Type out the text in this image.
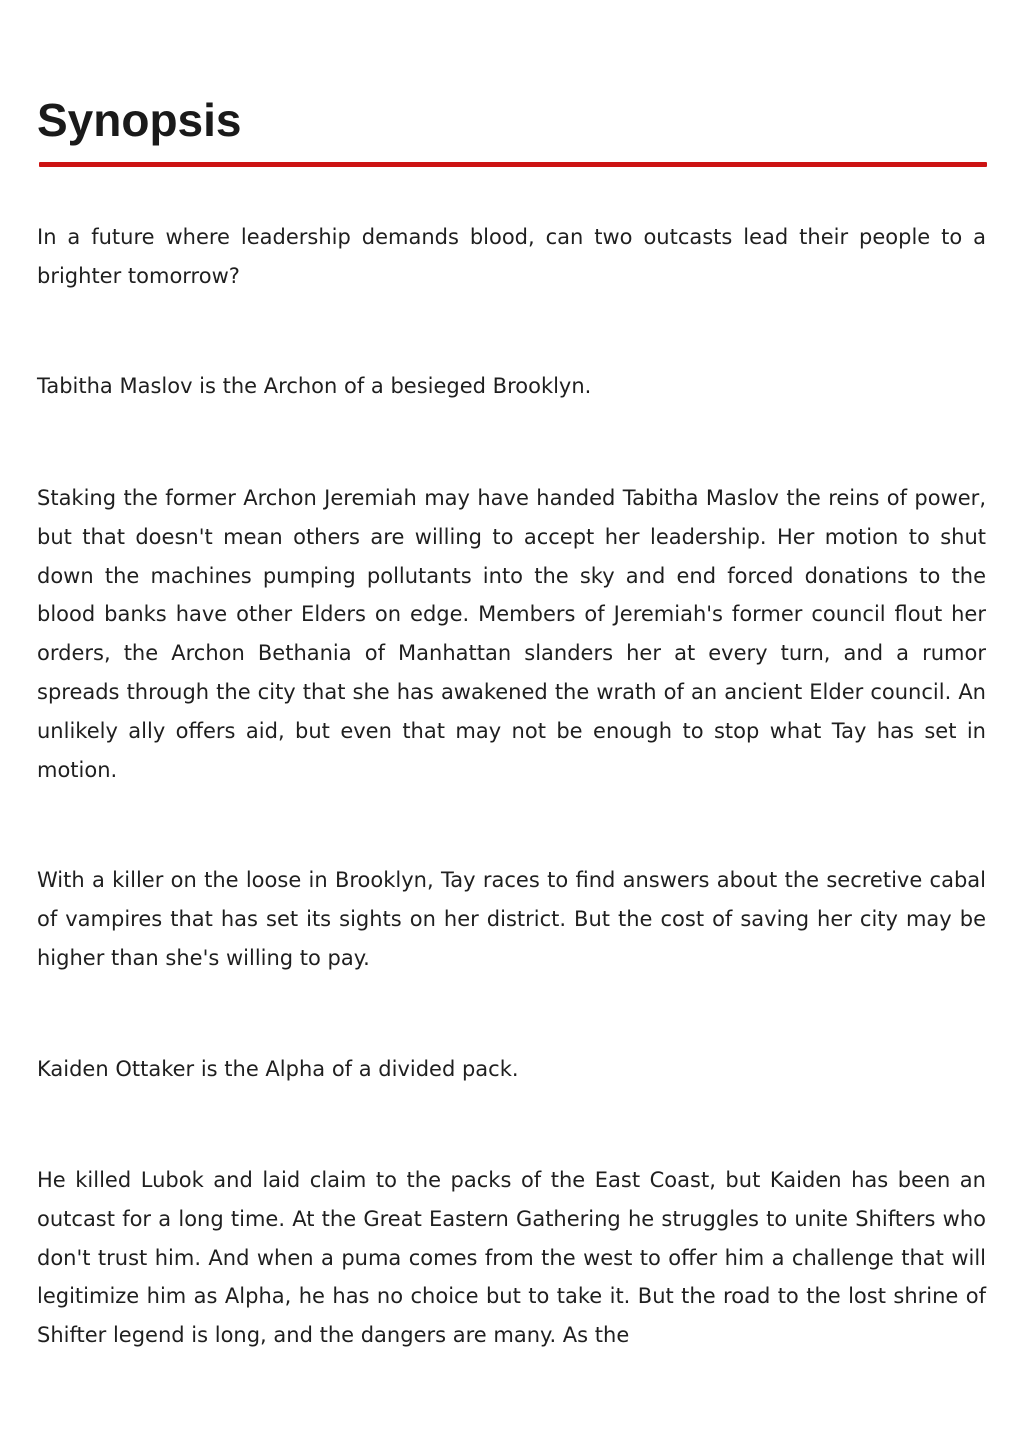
Synopsis

In a future where leadership demands blood, can two outcasts lead their people to a brighter tomorrow?

Tabitha Maslov is the Archon of a besieged Brooklyn.

Staking the former Archon Jeremiah may have handed Tabitha Maslov the reins of power, but that doesn't mean others are willing to accept her leadership. Her motion to shut down the machines pumping pollutants into the sky and end forced donations to the blood banks have other Elders on edge. Members of Jeremiah's former council flout her orders, the Archon Bethania of Manhattan slanders her at every turn, and a rumor spreads through the city that she has awakened the wrath of an ancient Elder council. An unlikely ally offers aid, but even that may not be enough to stop what Tay has set in motion.

With a killer on the loose in Brooklyn, Tay races to find answers about the secretive cabal of vampires that has set its sights on her district. But the cost of saving her city may be higher than she's willing to pay.

Kaiden Ottaker is the Alpha of a divided pack.

He killed Lubok and laid claim to the packs of the East Coast, but Kaiden has been an outcast for a long time. At the Great Eastern Gathering he struggles to unite Shifters who don't trust him. And when a puma comes from the west to offer him a challenge that will legitimize him as Alpha, he has no choice but to take it. But the road to the lost shrine of Shifter legend is long, and the dangers are many. As the
